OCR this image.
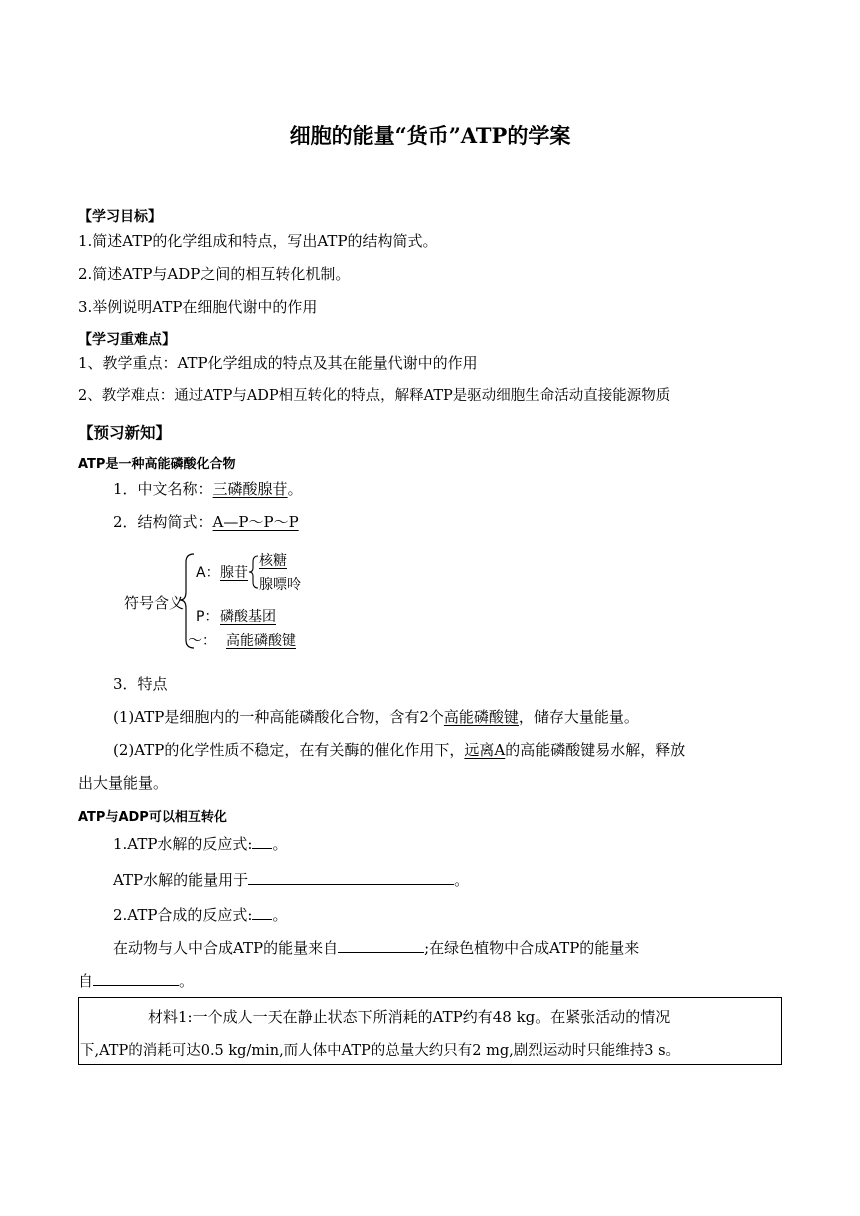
细胞的能量“货币”ATP的学案
【学习目标】
1.简述ATP的化学组成和特点，写出ATP的结构简式。
2.简述ATP与ADP之间的相互转化机制。
3.举例说明ATP在细胞代谢中的作用
【学习重难点】
1、教学重点：ATP化学组成的特点及其在能量代谢中的作用
2、教学难点：通过ATP与ADP相互转化的特点，解释ATP是驱动细胞生命活动直接能源物质
【预习新知】
ATP是一种高能磷酸化合物
1．中文名称：三磷酸腺苷。
2．结构简式：A—P～P～P
符号含义
A： 腺苷
核糖
腺嘌呤
P： 磷酸基团
～： 高能磷酸键
3．特点
(1)ATP是细胞内的一种高能磷酸化合物，含有2个高能磷酸键，储存大量能量。
(2)ATP的化学性质不稳定，在有关酶的催化作用下，远离A的高能磷酸键易水解，释放
出大量能量。
ATP与ADP可以相互转化
1.ATP水解的反应式: 。
ATP水解的能量用于	。
2.ATP合成的反应式: 。
在动物与人中合成ATP的能量来自	;在绿色植物中合成ATP的能量来
自	。
材料1:一个成人一天在静止状态下所消耗的ATP约有48 kg。在紧张活动的情况
下,ATP的消耗可达0.5 kg/min,而人体中ATP的总量大约只有2 mg,剧烈运动时只能维持3 s。
